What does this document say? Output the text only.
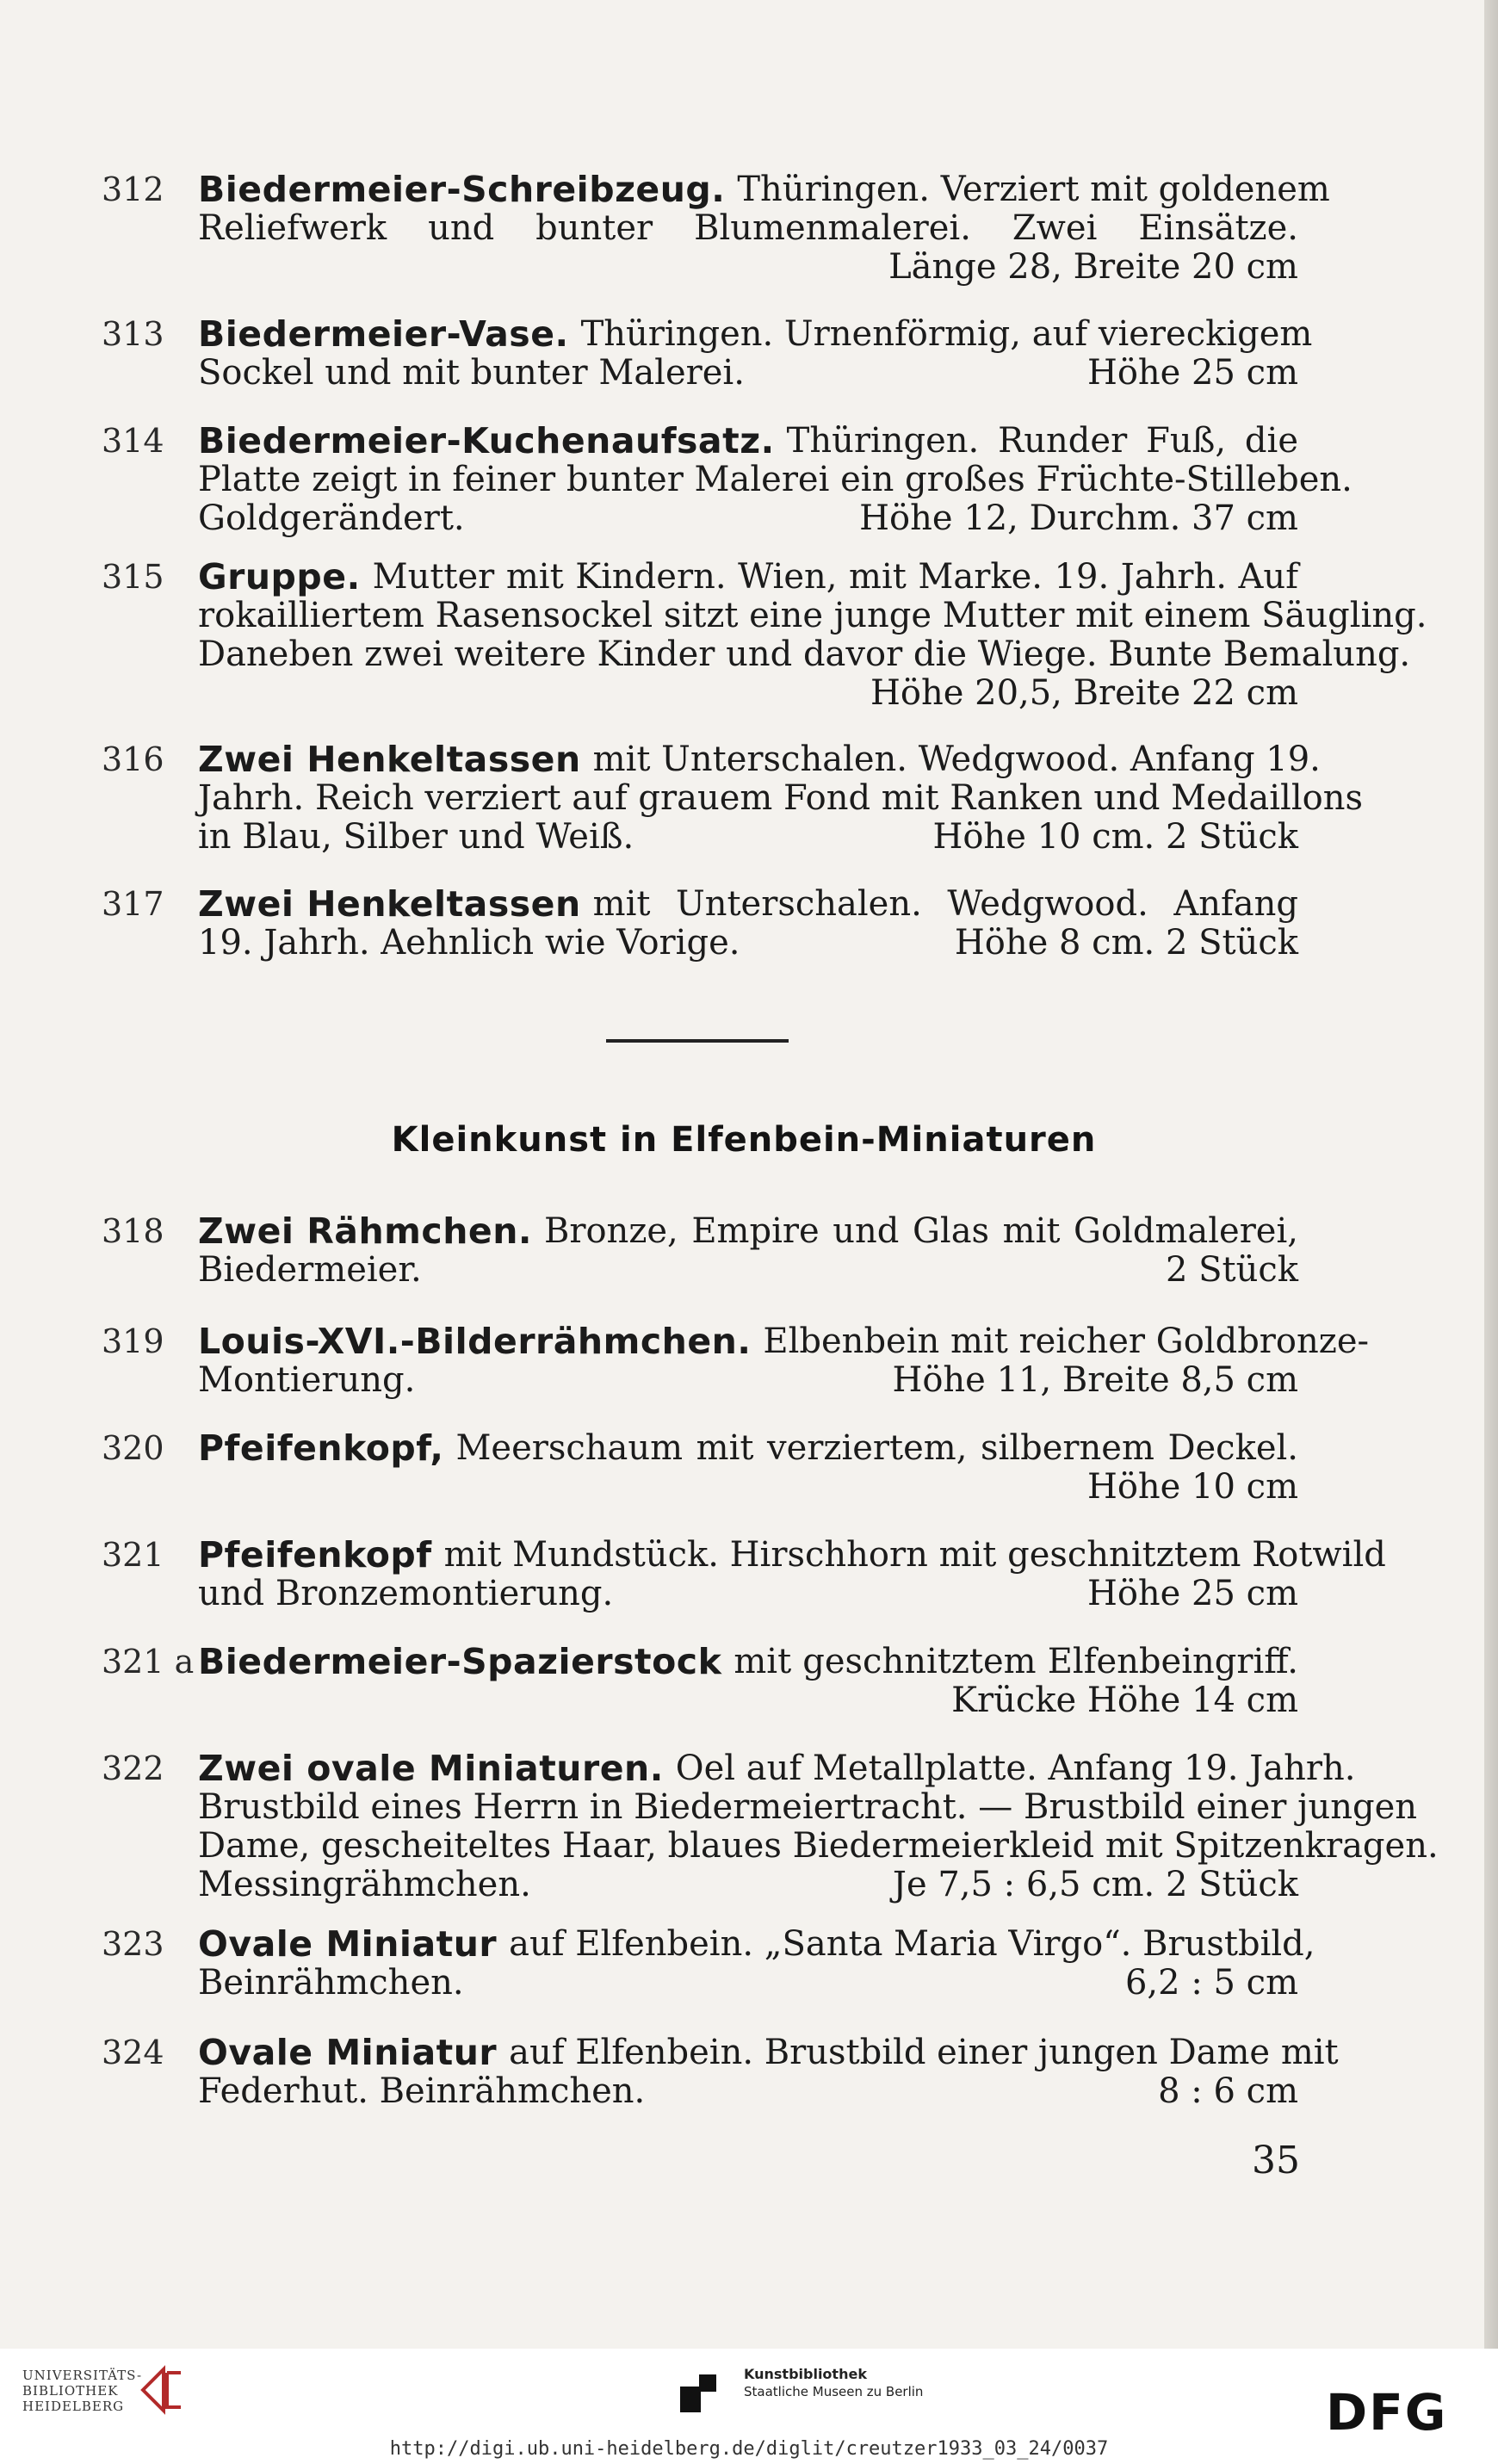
312 Biedermeier-Schreibzeug. Thüringen. Verziert mit goldenem
Reliefwerk und bunter Blumenmalerei. Zwei Einsätze.
Länge 28, Breite 20 cm
313 Biedermeier-Vase. Thüringen. Urnenförmig, auf viereckigem
Sockel und mit bunter Malerei.	Höhe 25 cm
314 Biedermeier-Kuchenaufsatz. Thüringen. Runder Fuß, die
Platte zeigt in feiner bunter Malerei ein großes Früchte-Stilleben.
Goldgerändert.	Höhe 12, Durchm. 37 cm
315 Gruppe. Mutter mit Kindern. Wien, mit Marke. 19. Jahrh. Auf
rokailliertem Rasensockel sitzt eine junge Mutter mit einem Säugling.
Daneben zwei weitere Kinder und davor die Wiege. Bunte Bemalung.
Höhe 20,5, Breite 22 cm
316 Zwei Henkeltassen mit Unterschalen. Wedgwood. Anfang 19.
Jahrh. Reich verziert auf grauem Fond mit Ranken und Medaillons
in Blau, Silber und Weiß.	Höhe 10 cm. 2 Stück
317 Zwei Henkeltassen mit Unterschalen. Wedgwood. Anfang
19. Jahrh. Aehnlich wie Vorige.	Höhe 8 cm. 2 Stück
318 Zwei Rähmchen. Bronze, Empire und Glas mit Goldmalerei,
Biedermeier.	2 Stück
319 Louis-XVI.-Bilderrähmchen. Elbenbein mit reicher Goldbronze-
Montierung.	Höhe 11, Breite 8,5 cm
320 Pfeifenkopf, Meerschaum mit verziertem, silbernem Deckel.
Höhe 10 cm
321 Pfeifenkopf mit Mundstück. Hirschhorn mit geschnitztem Rotwild
und Bronzemontierung.	Höhe 25 cm
321 a Biedermeier-Spazierstock mit geschnitztem Elfenbeingriff.
Krücke Höhe 14 cm
322 Zwei ovale Miniaturen. Oel auf Metallplatte. Anfang 19. Jahrh.
Brustbild eines Herrn in Biedermeiertracht. — Brustbild einer jungen
Dame, gescheiteltes Haar, blaues Biedermeierkleid mit Spitzenkragen.
Messingrähmchen.	Je 7,5 : 6,5 cm. 2 Stück
323 Ovale Miniatur auf Elfenbein. „Santa Maria Virgo“. Brustbild,
Beinrähmchen.	6,2 : 5 cm
324 Ovale Miniatur auf Elfenbein. Brustbild einer jungen Dame mit
Federhut. Beinrähmchen.	8 : 6 cm
Kleinkunst in Elfenbein-Miniaturen
35
UNIVERSITÄTS-
BIBLIOTHEK
HEIDELBERG
Kunstbibliothek
Staatliche Museen zu Berlin	DFG
http://digi.ub.uni-heidelberg.de/diglit/creutzer1933_03_24/0037
